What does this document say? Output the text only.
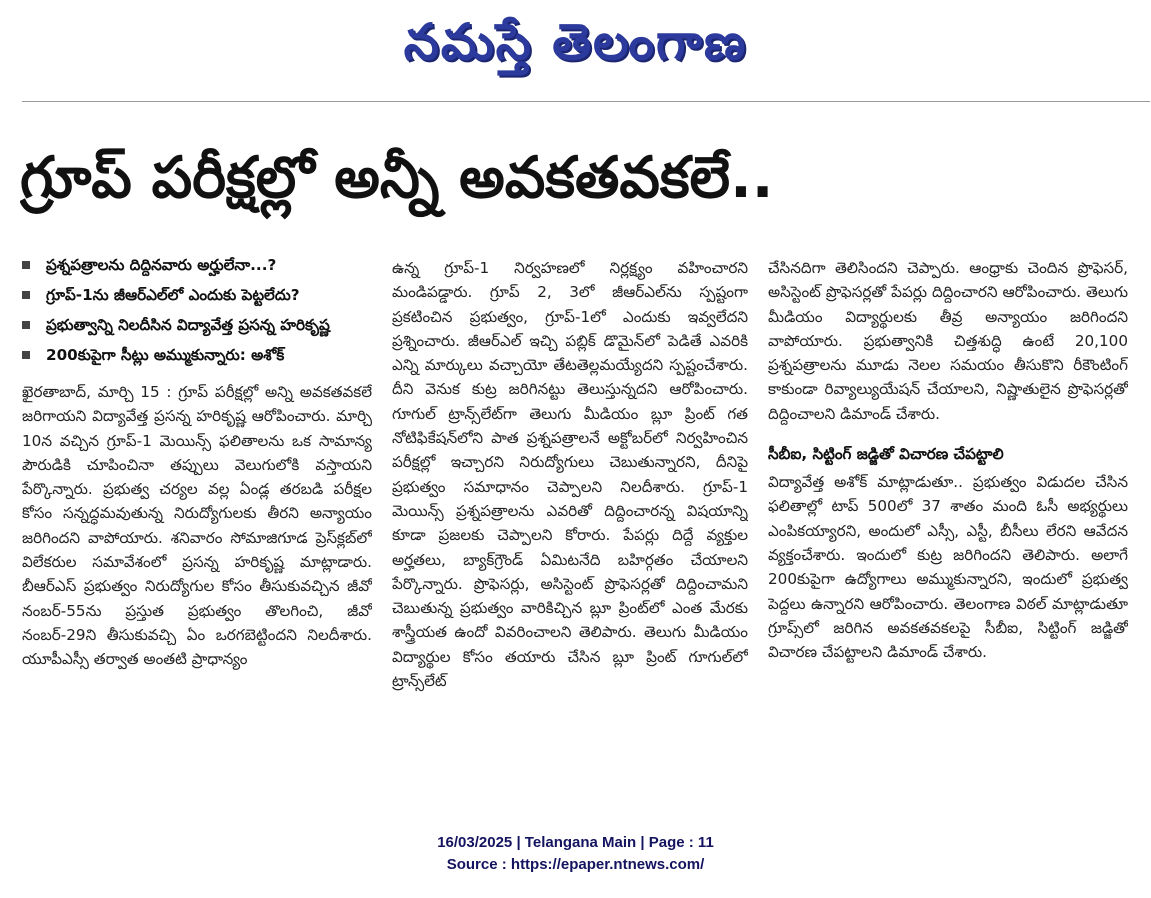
నమస్తే తెలంగాణ
గ్రూప్‌ పరీక్షల్లో అన్నీ అవకతవకలే..
ప్రశ్నపత్రాలను దిద్దినవారు అర్హులేనా...?
గ్రూప్‌-1ను జీఆర్‌ఎల్‌లో ఎందుకు పెట్టలేదు?
ప్రభుత్వాన్ని నిలదీసిన విద్యావేత్త ప్రసన్న హరికృష్ణ
200కుపైగా సీట్లు అమ్ముకున్నారు: అశోక్‌

ఖైరతాబాద్‌, మార్చి 15 : గ్రూప్‌ పరీక్షల్లో అన్ని అవకతవకలే జరిగాయని విద్యావేత్త ప్రసన్న హరికృష్ణ ఆరోపించారు. మార్చి 10న వచ్చిన గ్రూప్‌-1 మెయిన్స్‌ ఫలితాలను ఒక సామాన్య పౌరుడికి చూపించినా తప్పులు వెలుగులోకి వస్తాయని పేర్కొన్నారు. ప్రభుత్వ చర్యల వల్ల ఏండ్ల తరబడి పరీక్షల కోసం సన్నద్ధమవుతున్న నిరుద్యోగులకు తీరని అన్యాయం జరిగిందని వాపోయారు. శనివారం సోమాజిగూడ ప్రెస్‌క్లబ్‌లో విలేకరుల సమావేశంలో ప్రసన్న హరికృష్ణ మాట్లాడారు. బీఆర్‌ఎస్‌ ప్రభుత్వం నిరుద్యోగుల కోసం తీసుకువచ్చిన జీవో నంబర్‌-55ను ప్రస్తుత ప్రభుత్వం తొలగించి, జీవో నంబర్‌-29ని తీసుకువచ్చి ఏం ఒరగబెట్టిందని నిలదీశారు. యూపీఎస్సీ తర్వాత అంతటి ప్రాధాన్యం

ఉన్న గ్రూప్‌-1 నిర్వహణలో నిర్లక్ష్యం వహించారని మండిపడ్డారు. గ్రూప్‌ 2, 3లో జీఆర్‌ఎల్‌ను స్పష్టంగా ప్రకటించిన ప్రభుత్వం, గ్రూప్‌-1లో ఎందుకు ఇవ్వలేదని ప్రశ్నించారు. జీఆర్‌ఎల్‌ ఇచ్చి పబ్లిక్‌ డొమైన్‌లో పెడితే ఎవరికి ఎన్ని మార్కులు వచ్చాయో తేటతెల్లమయ్యేదని స్పష్టంచేశారు. దీని వెనుక కుట్ర జరిగినట్టు తెలుస్తున్నదని ఆరోపించారు. గూగుల్‌ ట్రాన్స్‌లేట్‌గా తెలుగు మీడియం బ్లూ ప్రింట్‌ గత నోటిఫికేషన్‌లోని పాత ప్రశ్నపత్రాలనే అక్టోబర్‌లో నిర్వహించిన పరీక్షల్లో ఇచ్చారని నిరుద్యోగులు చెబుతున్నారని, దీనిపై ప్రభుత్వం సమాధానం చెప్పాలని నిలదీశారు. గ్రూప్‌-1 మెయిన్స్‌ ప్రశ్నపత్రాలను ఎవరితో దిద్దించారన్న విషయాన్ని కూడా ప్రజలకు చెప్పాలని కోరారు. పేపర్లు దిద్దే వ్యక్తుల అర్హతలు, బ్యాక్‌గ్రౌండ్‌ ఏమిటనేది బహిర్గతం చేయాలని పేర్కొన్నారు. ప్రొఫెసర్లు, అసిస్టెంట్‌ ప్రొఫెసర్లతో దిద్దించామని చెబుతున్న ప్రభుత్వం వారికిచ్చిన బ్లూ ప్రింట్‌లో ఎంత మేరకు శాస్త్రీయత ఉందో వివరించాలని తెలిపారు. తెలుగు మీడియం విద్యార్థుల కోసం తయారు చేసిన బ్లూ ప్రింట్‌ గూగుల్‌లో ట్రాన్స్‌లేట్‌

చేసినదిగా తెలిసిందని చెప్పారు. ఆంధ్రాకు చెందిన ప్రొఫెసర్‌, అసిస్టెంట్‌ ప్రొఫెసర్లతో పేపర్లు దిద్దించారని ఆరోపించారు. తెలుగు మీడియం విద్యార్థులకు తీవ్ర అన్యాయం జరిగిందని వాపోయారు. ప్రభుత్వానికి చిత్తశుద్ధి ఉంటే 20,100 ప్రశ్నపత్రాలను మూడు నెలల సమయం తీసుకొని రీకౌంటింగ్‌ కాకుండా రివ్యాల్యుయేషన్‌ చేయాలని, నిష్ణాతులైన ప్రొఫెసర్లతో దిద్దించాలని డిమాండ్‌ చేశారు.

సీబీఐ, సిట్టింగ్‌ జడ్జితో విచారణ చేపట్టాలి

విద్యావేత్త అశోక్‌ మాట్లాడుతూ.. ప్రభుత్వం విడుదల చేసిన ఫలితాల్లో టాప్‌ 500లో 37 శాతం మంది ఓసీ అభ్యర్థులు ఎంపికయ్యారని, అందులో ఎస్సీ, ఎస్టీ, బీసీలు లేరని ఆవేదన వ్యక్తంచేశారు. ఇందులో కుట్ర జరిగిందని తెలిపారు. అలాగే 200కుపైగా ఉద్యోగాలు అమ్ముకున్నారని, ఇందులో ప్రభుత్వ పెద్దలు ఉన్నారని ఆరోపించారు. తెలంగాణ విఠల్‌ మాట్లాడుతూ గ్రూప్స్‌లో జరిగిన అవకతవకలపై సీబీఐ, సిట్టింగ్‌ జడ్జితో విచారణ చేపట్టాలని డిమాండ్‌ చేశారు.

16/03/2025 | Telangana Main | Page : 11
Source : https://epaper.ntnews.com/
